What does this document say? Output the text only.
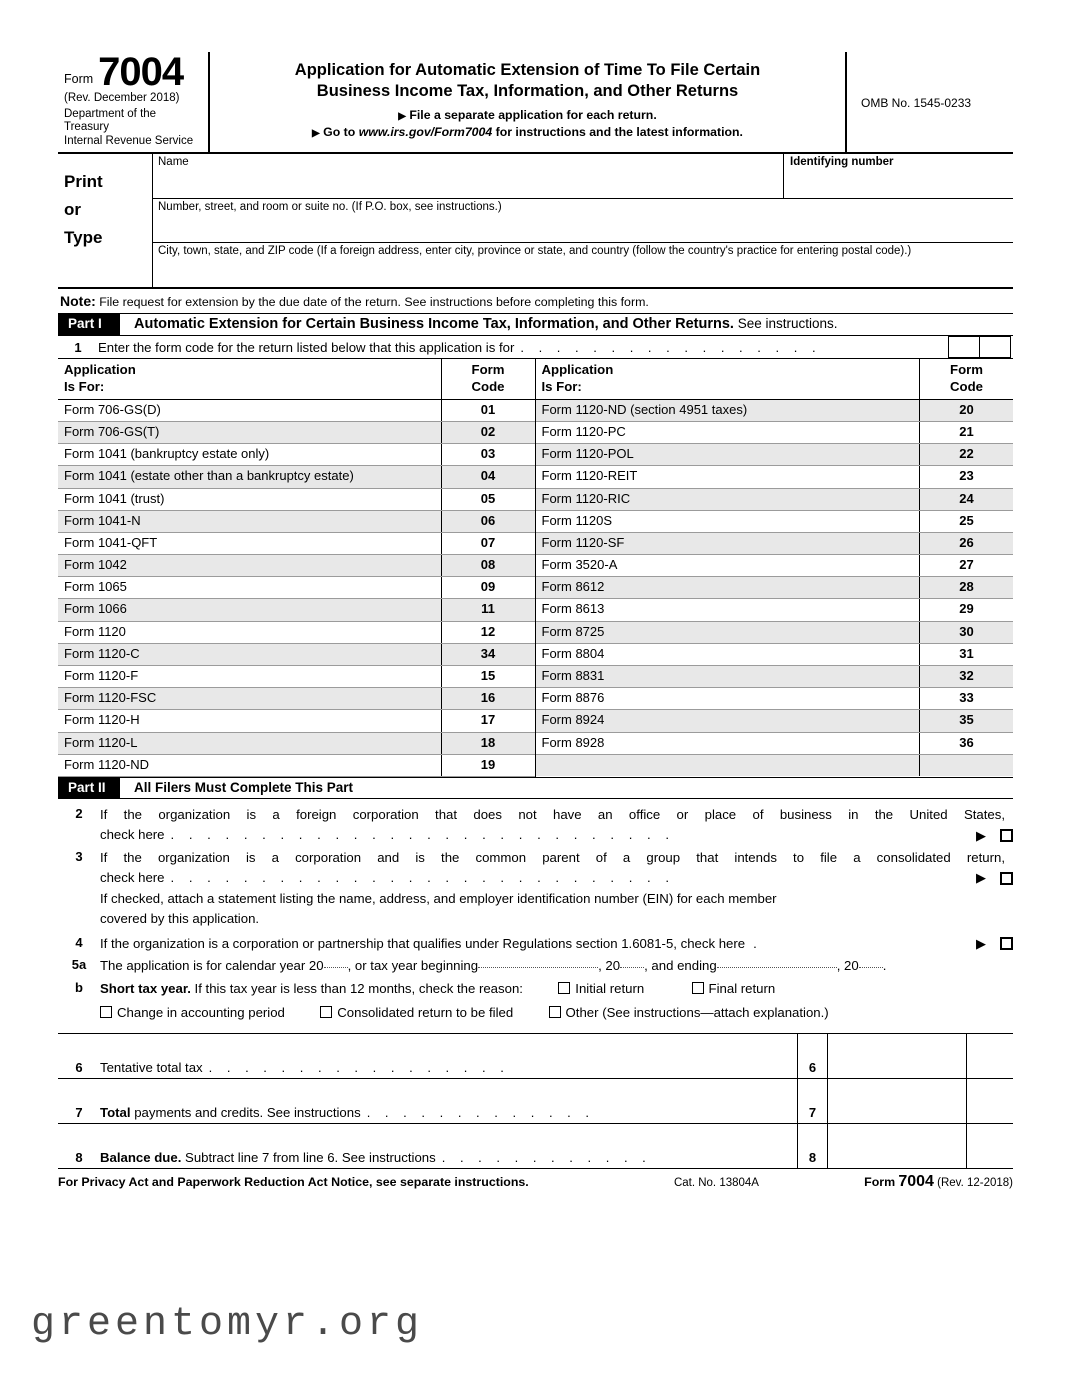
Form 7004
(Rev. December 2018)
Department of the Treasury
Internal Revenue Service
Application for Automatic Extension of Time To File Certain
Business Income Tax, Information, and Other Returns
▶ File a separate application for each return.
▶ Go to www.irs.gov/Form7004 for instructions and the latest information.
OMB No. 1545-0233
Print
or
Type
Name	Identifying number
Number, street, and room or suite no. (If P.O. box, see instructions.)
City, town, state, and ZIP code (If a foreign address, enter city, province or state, and country (follow the country's practice for entering postal code).)
Note: File request for extension by the due date of the return. See instructions before completing this form.
Part I	Automatic Extension for Certain Business Income Tax, Information, and Other Returns. See instructions.
1	Enter the form code for the return listed below that this application is for . . . . . . . . . . . . . . . . .
Application
Is For:
Form
Code
Form 706-GS(D)	01
Form 706-GS(T)	02
Form 1041 (bankruptcy estate only)	03
Form 1041 (estate other than a bankruptcy estate)	04
Form 1041 (trust)	05
Form 1041-N	06
Form 1041-QFT	07
Form 1042	08
Form 1065	09
Form 1066	11
Form 1120	12
Form 1120-C	34
Form 1120-F	15
Form 1120-FSC	16
Form 1120-H	17
Form 1120-L	18
Form 1120-ND	19
Application
Is For:
Form
Code
Form 1120-ND (section 4951 taxes)	20
Form 1120-PC	21
Form 1120-POL	22
Form 1120-REIT	23
Form 1120-RIC	24
Form 1120S	25
Form 1120-SF	26
Form 3520-A	27
Form 8612	28
Form 8613	29
Form 8725	30
Form 8804	31
Form 8831	32
Form 8876	33
Form 8924	35
Form 8928	36
Part II	All Filers Must Complete This Part
2	If the organization is a foreign corporation that does not have an office or place of business in the United States,
check here . . . . . . . . . . . . . . . . . . . . . . . . . . . .	▶
3	If the organization is a corporation and is the common parent of a group that intends to file a consolidated return,
check here . . . . . . . . . . . . . . . . . . . . . . . . . . . .	▶
If checked, attach a statement listing the name, address, and employer identification number (EIN) for each member
covered by this application.
4	If the organization is a corporation or partnership that qualifies under Regulations section 1.6081-5, check here .	▶
5a	The application is for calendar year 20 , or tax year beginning	, 20 , and ending	, 20 .
b	Short tax year. If this tax year is less than 12 months, check the reason:	Initial return	Final return
Change in accounting period	Consolidated return to be filed	Other (See instructions—attach explanation.)
6	Tentative total tax . . . . . . . . . . . . . . . . .	6
7	Total payments and credits. See instructions . . . . . . . . . . . . .	7
8	Balance due. Subtract line 7 from line 6. See instructions . . . . . . . . . . . .	8
For Privacy Act and Paperwork Reduction Act Notice, see separate instructions.	Cat. No. 13804A	Form 7004 (Rev. 12-2018)
greentomyr.org
